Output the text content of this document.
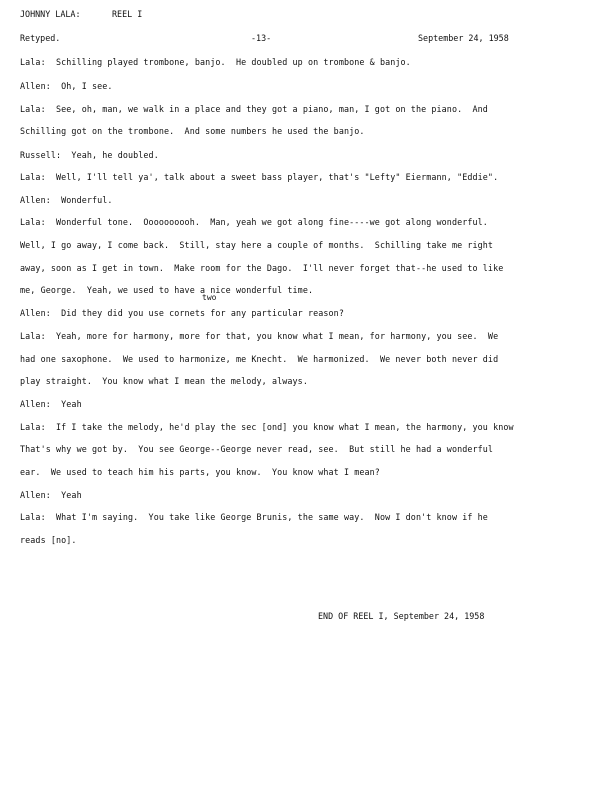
JOHNNY LALA:	REEL I
Retyped.	-13-	September 24, 1958
Lala:  Schilling played trombone, banjo.  He doubled up on trombone & banjo.
Allen:  Oh, I see.
Lala:  See, oh, man, we walk in a place and they got a piano, man, I got on the piano.  And
Schilling got on the trombone.  And some numbers he used the banjo.
Russell:  Yeah, he doubled.
Lala:  Well, I'll tell ya', talk about a sweet bass player, that's "Lefty" Eiermann, "Eddie".
Allen:  Wonderful.
Lala:  Wonderful tone.  Oooooooooh.  Man, yeah we got along fine----we got along wonderful.
Well, I go away, I come back.  Still, stay here a couple of months.  Schilling take me right
away, soon as I get in town.  Make room for the Dago.  I'll never forget that--he used to like
me, George.  Yeah, we used to have a nice wonderful time.
two
Allen:  Did they did you use cornets for any particular reason?
Lala:  Yeah, more for harmony, more for that, you know what I mean, for harmony, you see.  We
had one saxophone.  We used to harmonize, me Knecht.  We harmonized.  We never both never did
play straight.  You know what I mean the melody, always.
Allen:  Yeah
Lala:  If I take the melody, he'd play the sec [ond] you know what I mean, the harmony, you know
That's why we got by.  You see George--George never read, see.  But still he had a wonderful
ear.  We used to teach him his parts, you know.  You know what I mean?
Allen:  Yeah
Lala:  What I'm saying.  You take like George Brunis, the same way.  Now I don't know if he
reads [no].
END OF REEL I, September 24, 1958
